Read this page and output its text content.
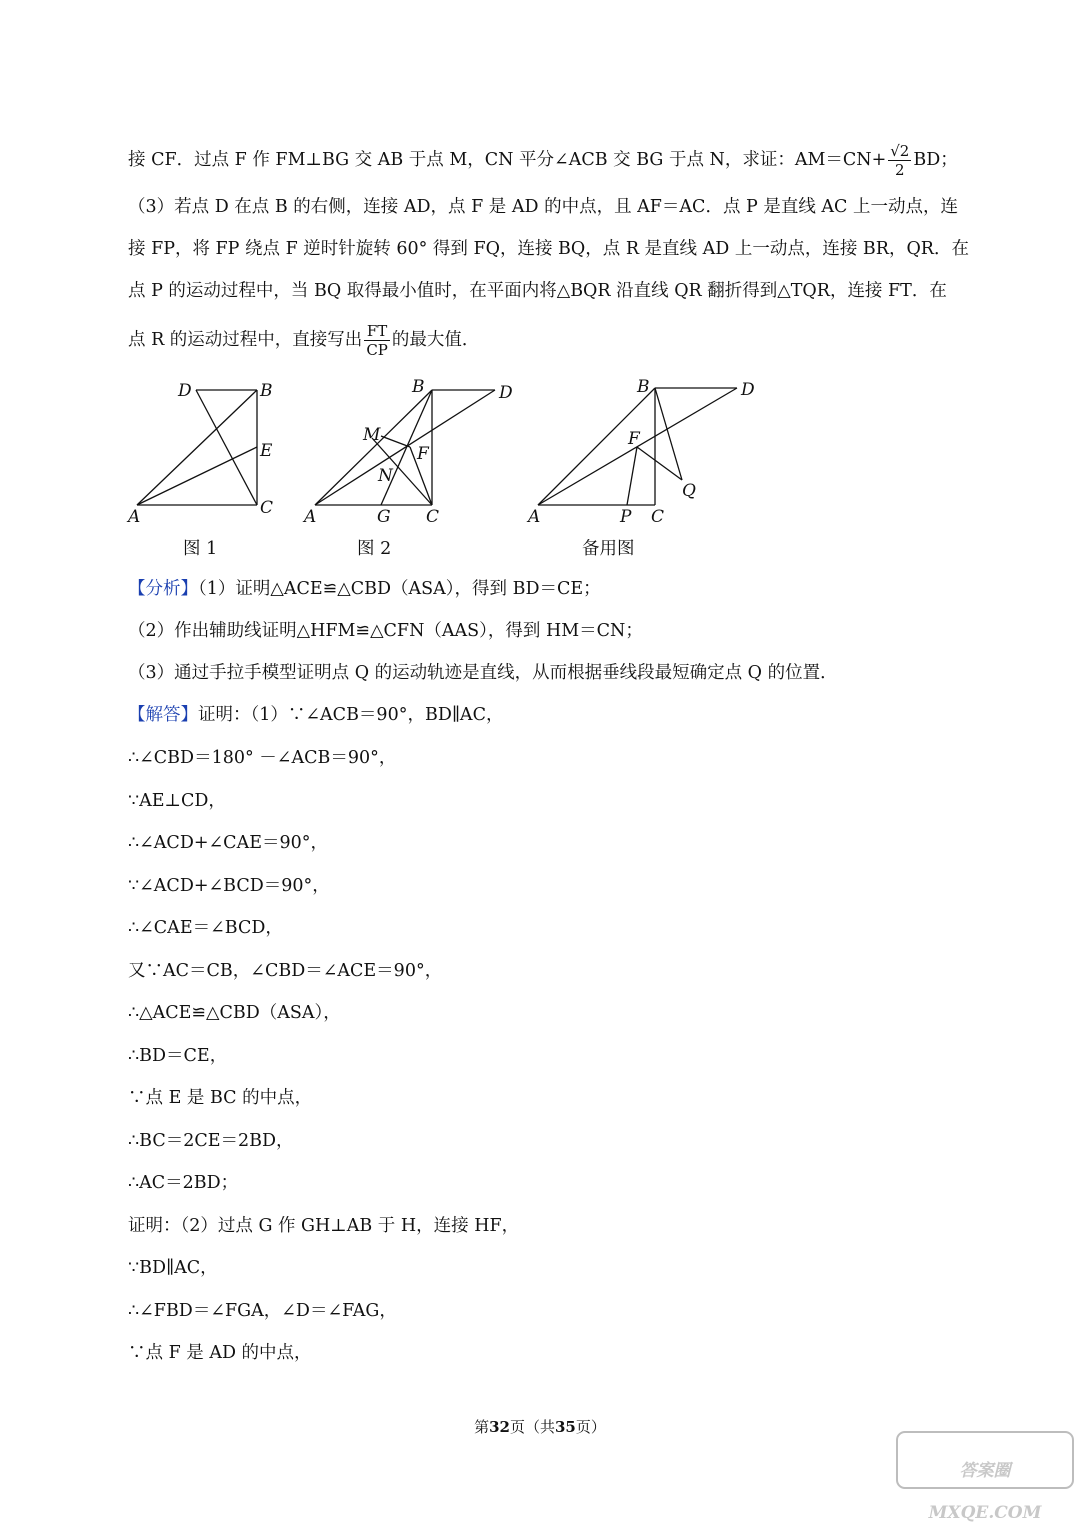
接 CF．过点 F 作 FM⊥BG 交 AB 于点 M，CN 平分∠ACB 交 BG 于点 N，求证：$AM=CN+ \frac{√2}{2}$ BD；
（3）若点 D 在点 B 的右侧，连接 AD，点 F 是 AD 的中点，且 AF＝AC．点 P 是直线 AC 上一动点，连
接 FP，将 FP 绕点 F 逆时针旋转 60° 得到 FQ，连接 BQ，点 R 是直线 AD 上一动点，连接 BR，QR．在
点 P 的运动过程中，当 BQ 取得最小值时，在平面内将△BQR 沿直线 QR 翻折得到△TQR，连接 FT．在
点 R 的运动过程中，直接写出 $\frac{FT}{CP}$ 的最大值．
D	B
E
A	C
B	D
M
F
N
A	G C
B	D
F
Q
A	P C
图 1	图 2	备用图
【分析】（1）证明△ACE≌△CBD（ASA），得到 BD＝CE；
（2）作出辅助线证明△HFM≌△CFN（AAS），得到 HM＝CN；
（3）通过手拉手模型证明点 Q 的运动轨迹是直线，从而根据垂线段最短确定点 Q 的位置．
【解答】证明：（1）∵∠ACB＝90°，BD∥AC，
∴∠CBD＝180° －∠ACB＝90°，
∵AE⊥CD，
∴∠ACD+∠CAE＝90°，
∵∠ACD+∠BCD＝90°，
∴∠CAE＝∠BCD，
又∵AC＝CB，∠CBD＝∠ACE＝90°，
∴△ACE≌△CBD（ASA），
∴BD＝CE，
∵点 E 是 BC 的中点，
∴BC＝2CE＝2BD，
∴AC＝2BD；
证明：（2）过点 G 作 GH⊥AB 于 H，连接 HF，
∵BD∥AC，
∴∠FBD＝∠FGA，∠D＝∠FAG，
∵点 F 是 AD 的中点，
第32页（共35页）
答案圈
MXQE.COM
